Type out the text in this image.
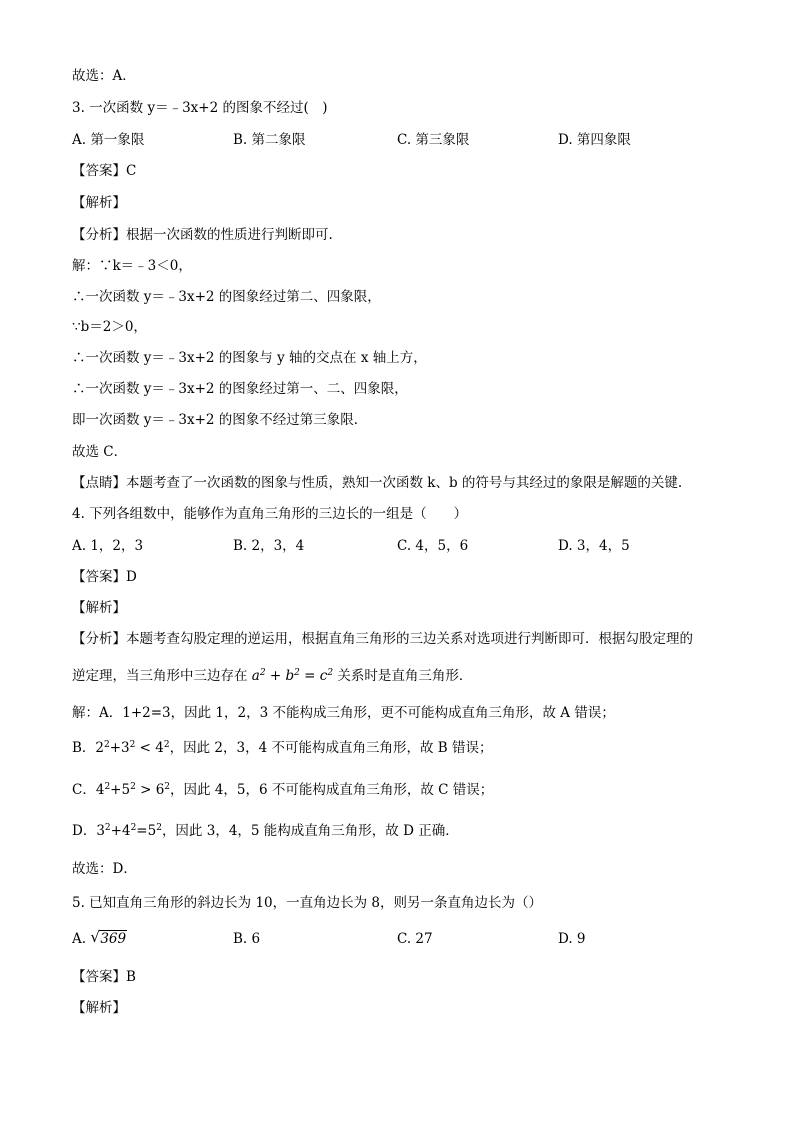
故选：A．
3. 一次函数 y＝﹣3x+2 的图象不经过(　)
A. 第一象限	B. 第二象限	C. 第三象限	D. 第四象限
【答案】C
【解析】
【分析】根据一次函数的性质进行判断即可.
解：∵k＝﹣3＜0，
∴一次函数 y＝﹣3x+2 的图象经过第二、四象限，
∵b＝2＞0，
∴一次函数 y＝﹣3x+2 的图象与 y 轴的交点在 x 轴上方，
∴一次函数 y＝﹣3x+2 的图象经过第一、二、四象限，
即一次函数 y＝﹣3x+2 的图象不经过第三象限．
故选 C．
【点睛】本题考查了一次函数的图象与性质，熟知一次函数 k、b 的符号与其经过的象限是解题的关键.
4. 下列各组数中，能够作为直角三角形的三边长的一组是（　　）
A. 1，2，3	B. 2，3，4	C. 4，5，6	D. 3，4，5
【答案】D
【解析】
【分析】本题考查勾股定理的逆运用，根据直角三角形的三边关系对选项进行判断即可．根据勾股定理的
逆定理，当三角形中三边存在 $a^2 + b^2 = c^2$ 关系时是直角三角形．
解：A．1+2=3，因此 1，2，3 不能构成三角形，更不可能构成直角三角形，故 A 错误；
B．$2^2+3^2 < 4^2$，因此 2，3，4 不可能构成直角三角形，故 B 错误；
C．$4^2+5^2 > 6^2$，因此 4，5，6 不可能构成直角三角形，故 C 错误；
D．$3^2+4^2=5^2$，因此 3，4，5 能构成直角三角形，故 D 正确．
故选：D．
5. 已知直角三角形的斜边长为 10，一直角边长为 8，则另一条直角边长为（）
A. √ 369	B. 6	C. 27	D. 9
【答案】B
【解析】
